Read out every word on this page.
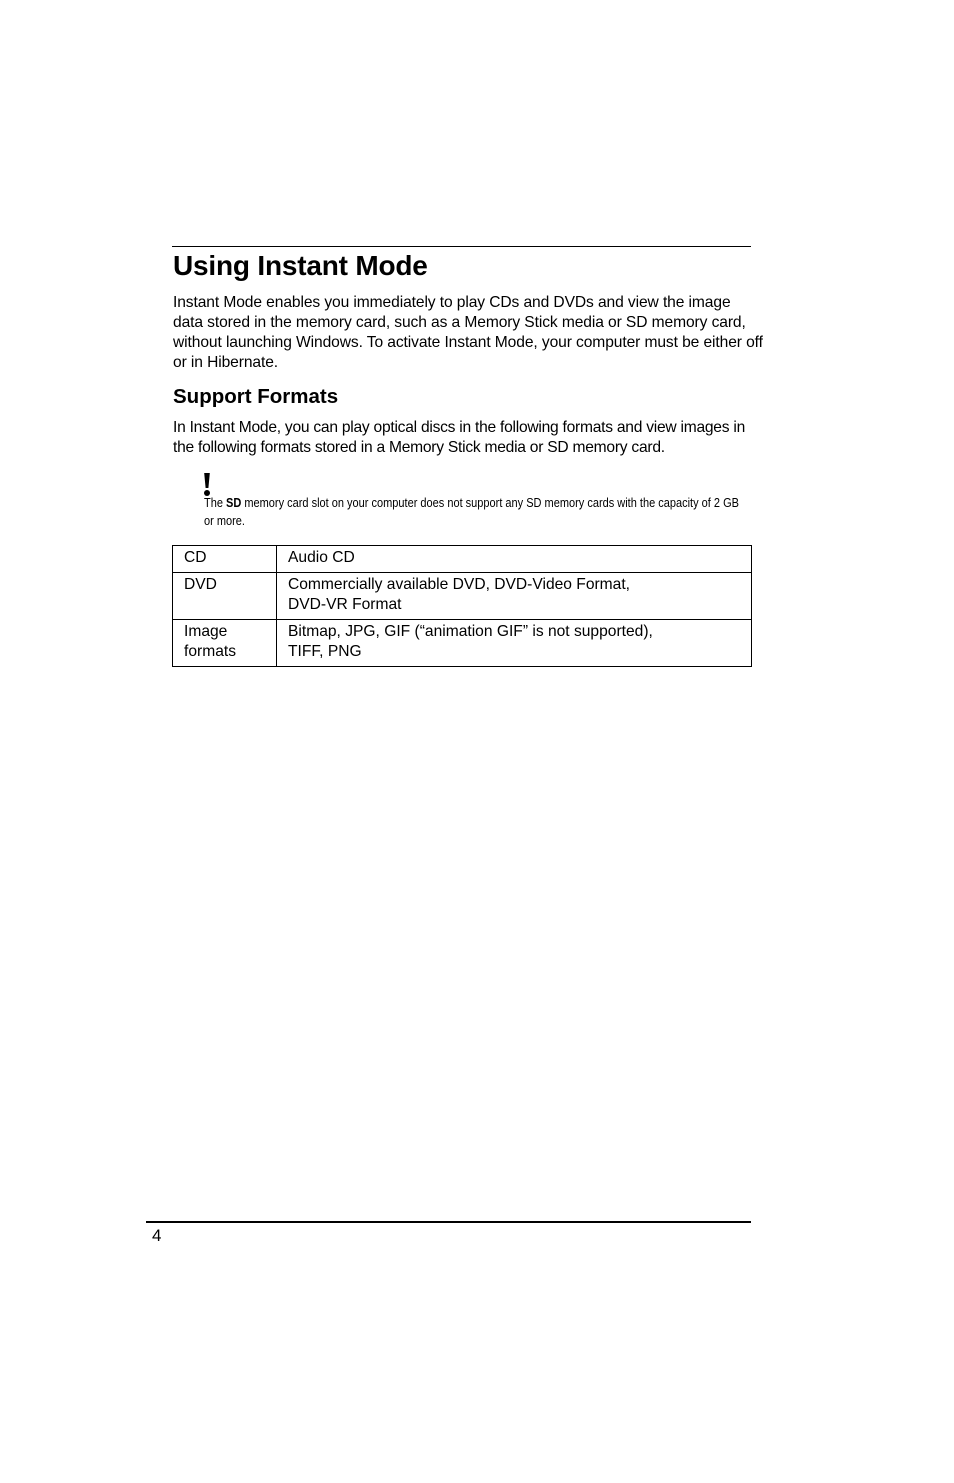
Using Instant Mode

Instant Mode enables you immediately to play CDs and DVDs and view the image data stored in the memory card, such as a Memory Stick media or SD memory card, without launching Windows. To activate Instant Mode, your computer must be either off or in Hibernate.

Support Formats

In Instant Mode, you can play optical discs in the following formats and view images in the following formats stored in a Memory Stick media or SD memory card.

The SD memory card slot on your computer does not support any SD memory cards with the capacity of 2 GB or more.

CD	Audio CD
DVD	Commercially available DVD, DVD-Video Format,
DVD-VR Format
Image
formats	Bitmap, JPG, GIF (“animation GIF” is not supported),
TIFF, PNG
4
